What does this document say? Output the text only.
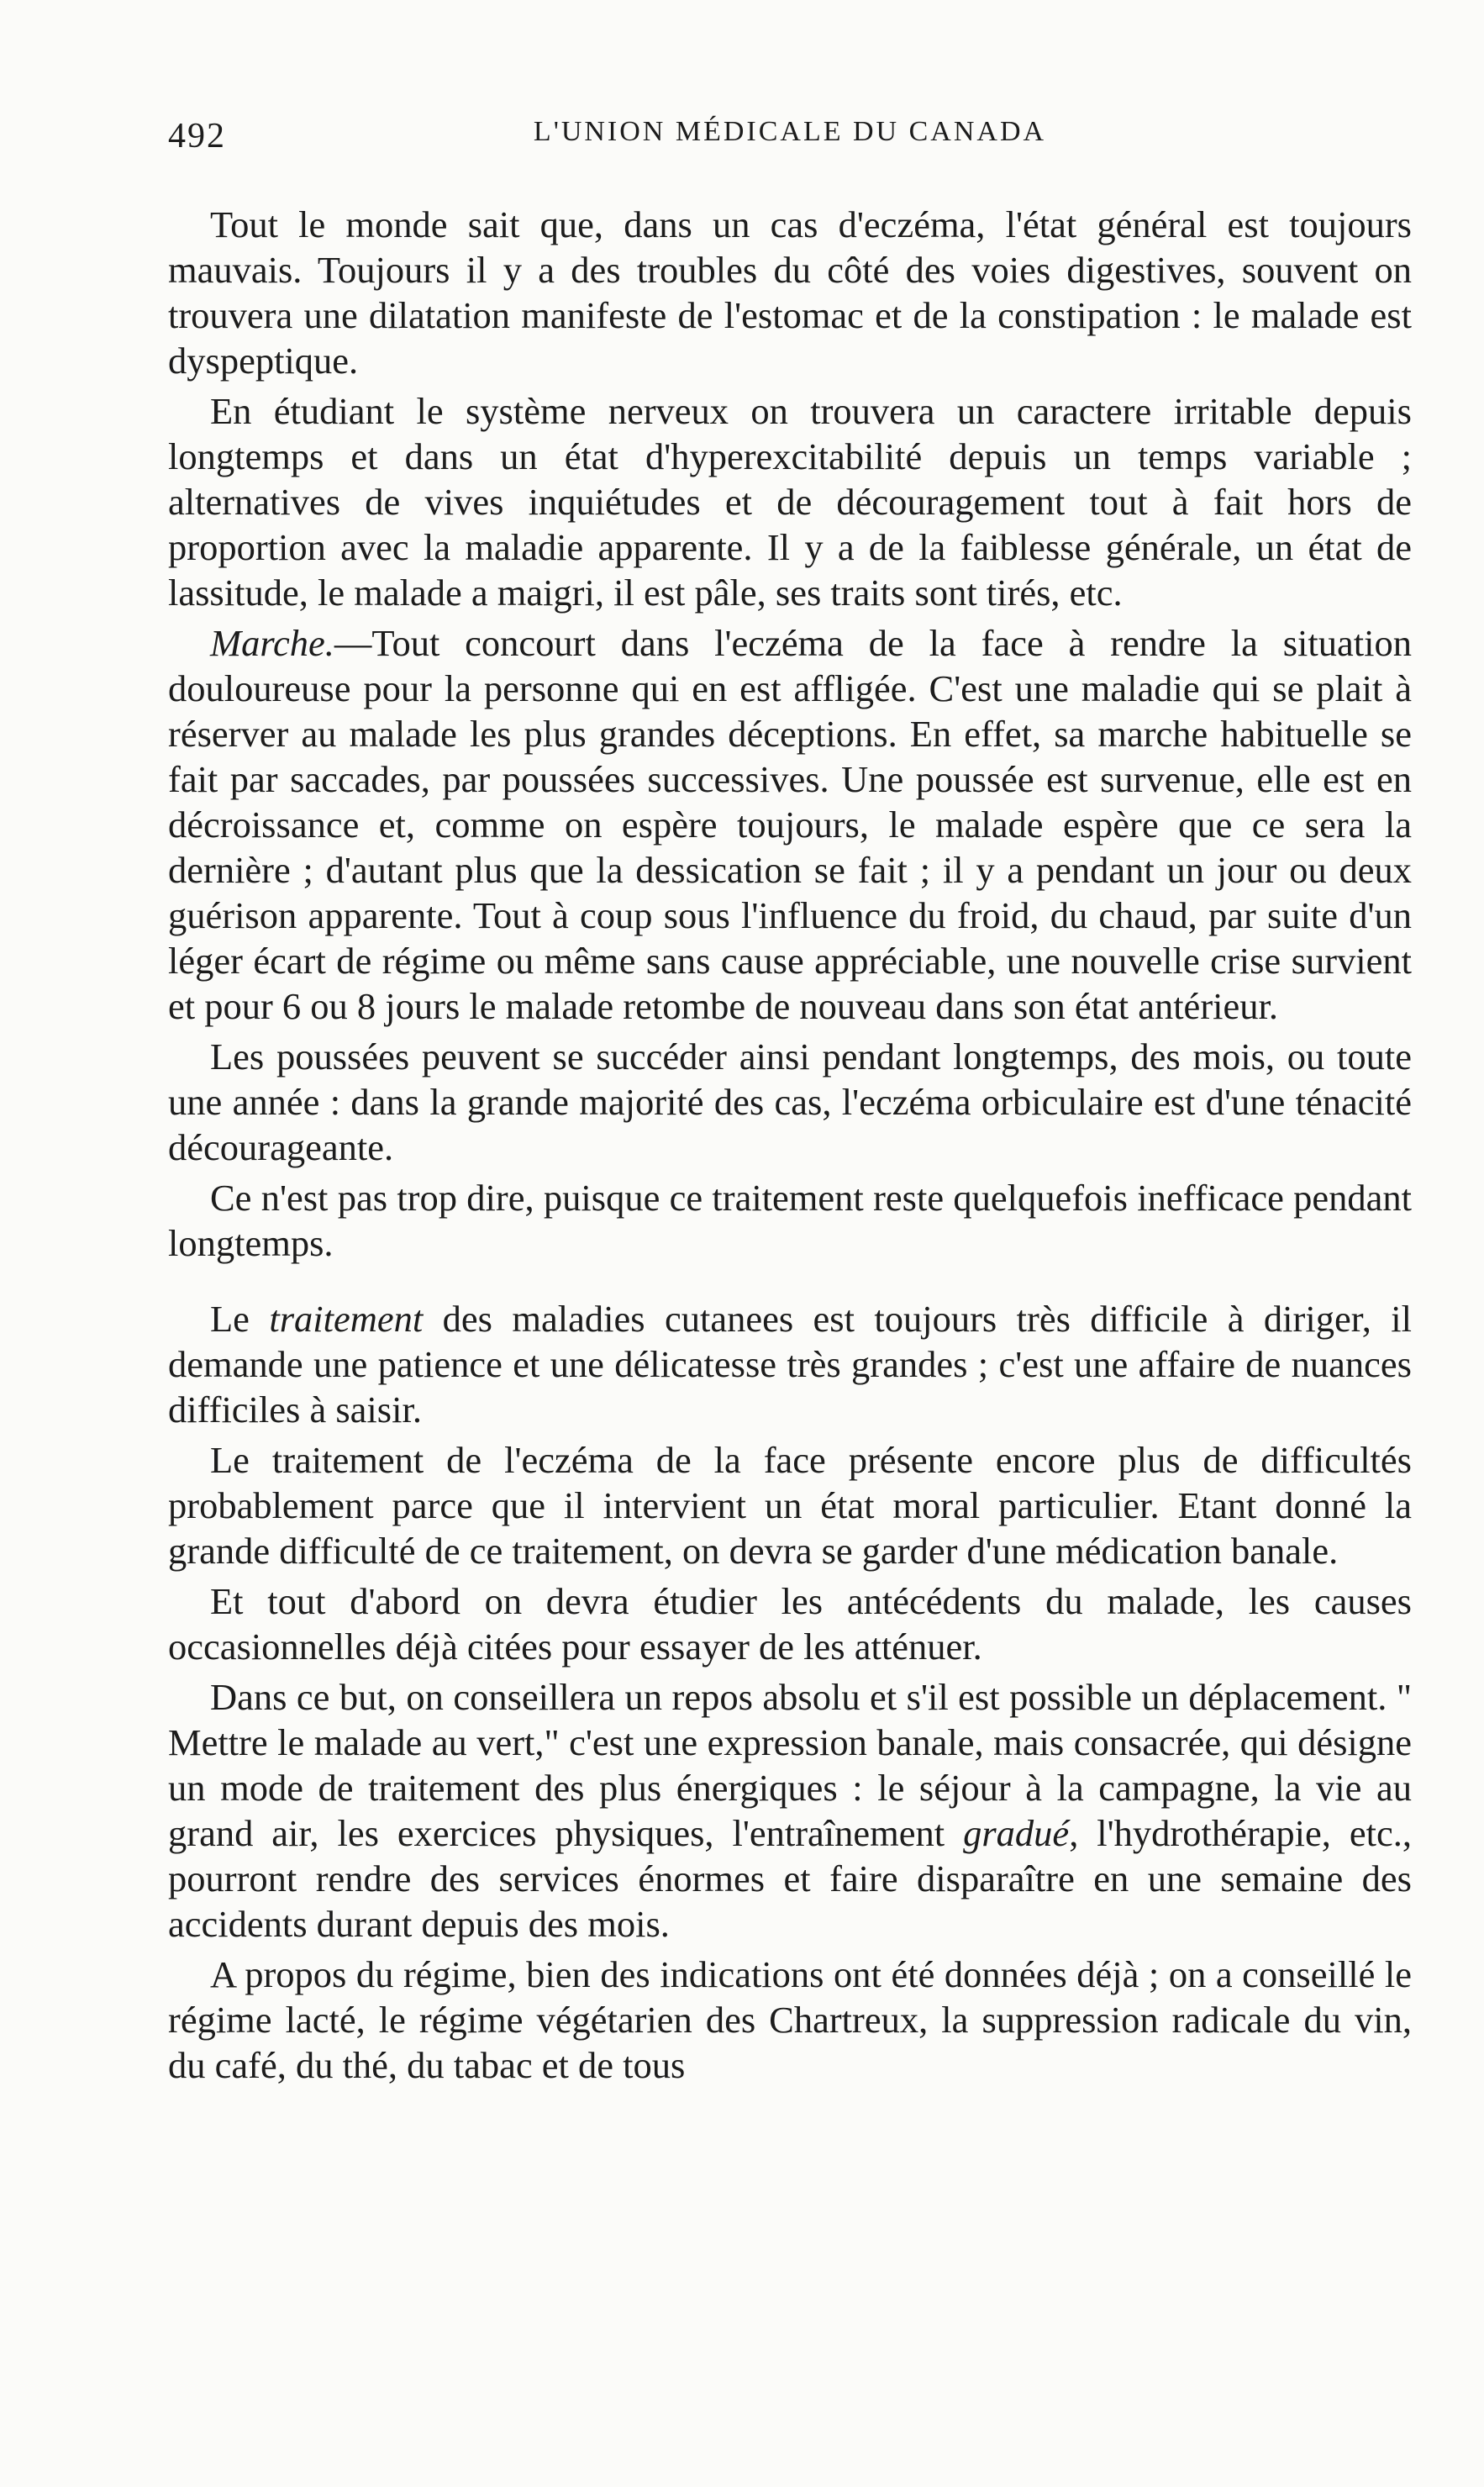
492	L'UNION MÉDICALE DU CANADA

Tout le monde sait que, dans un cas d'eczéma, l'état général est toujours mauvais. Toujours il y a des troubles du côté des voies digestives, souvent on trouvera une dilatation manifeste de l'estomac et de la constipation : le malade est dyspeptique.

En étudiant le système nerveux on trouvera un caractere irritable depuis longtemps et dans un état d'hyperexcitabilité depuis un temps variable ; alternatives de vives inquiétudes et de découragement tout à fait hors de proportion avec la maladie apparente. Il y a de la faiblesse générale, un état de lassitude, le malade a maigri, il est pâle, ses traits sont tirés, etc.

Marche.—Tout concourt dans l'eczéma de la face à rendre la situation douloureuse pour la personne qui en est affligée. C'est une maladie qui se plait à réserver au malade les plus grandes déceptions. En effet, sa marche habituelle se fait par saccades, par poussées successives. Une poussée est survenue, elle est en décroissance et, comme on espère toujours, le malade espère que ce sera la dernière ; d'autant plus que la dessication se fait ; il y a pendant un jour ou deux guérison apparente. Tout à coup sous l'influence du froid, du chaud, par suite d'un léger écart de régime ou même sans cause appréciable, une nouvelle crise survient et pour 6 ou 8 jours le malade retombe de nouveau dans son état antérieur.

Les poussées peuvent se succéder ainsi pendant longtemps, des mois, ou toute une année : dans la grande majorité des cas, l'eczéma orbiculaire est d'une ténacité décourageante.

Ce n'est pas trop dire, puisque ce traitement reste quelquefois inefficace pendant longtemps.

Le traitement des maladies cutanees est toujours très difficile à diriger, il demande une patience et une délicatesse très grandes ; c'est une affaire de nuances difficiles à saisir.

Le traitement de l'eczéma de la face présente encore plus de difficultés probablement parce que il intervient un état moral particulier. Etant donné la grande difficulté de ce traitement, on devra se garder d'une médication banale.

Et tout d'abord on devra étudier les antécédents du malade, les causes occasionnelles déjà citées pour essayer de les atténuer.

Dans ce but, on conseillera un repos absolu et s'il est possible un déplacement. " Mettre le malade au vert," c'est une expression banale, mais consacrée, qui désigne un mode de traitement des plus énergiques : le séjour à la campagne, la vie au grand air, les exercices physiques, l'entraînement gradué, l'hydrothérapie, etc., pourront rendre des services énormes et faire disparaître en une semaine des accidents durant depuis des mois.

A propos du régime, bien des indications ont été données déjà ; on a conseillé le régime lacté, le régime végétarien des Chartreux, la suppression radicale du vin, du café, du thé, du tabac et de tous
